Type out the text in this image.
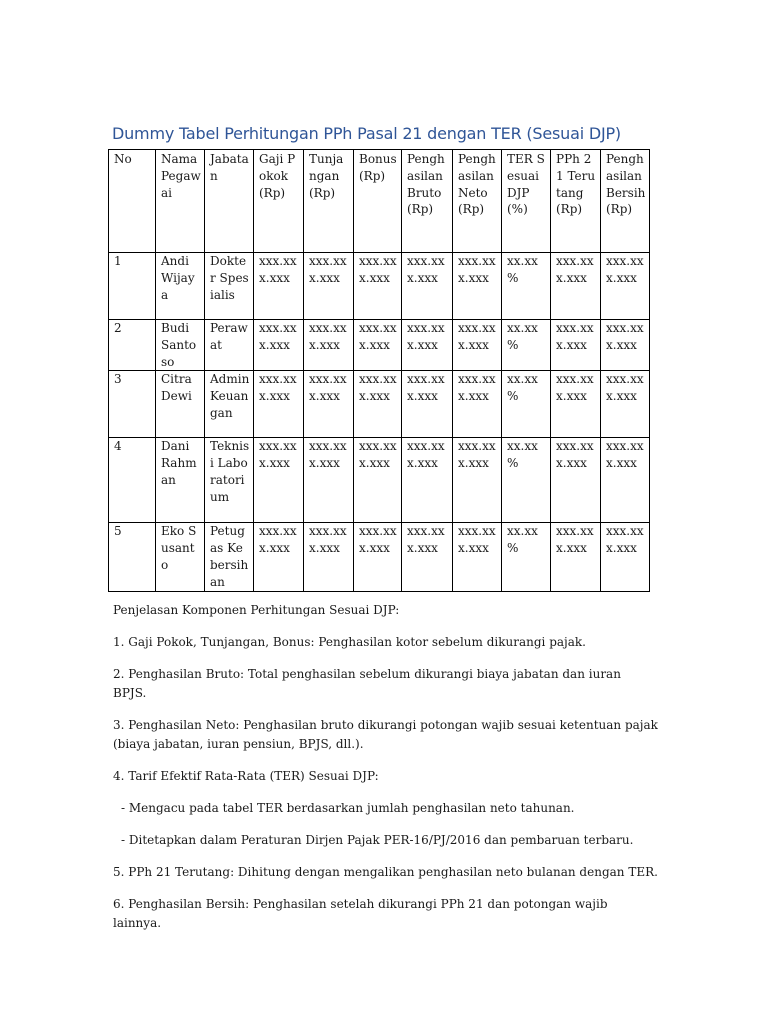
Dummy Tabel Perhitungan PPh Pasal 21 dengan TER (Sesuai DJP)
No	Nama Pegawai	Jabatan	Gaji Pokok (Rp)	Tunjangan (Rp)	Bonus (Rp)	Penghasilan Bruto (Rp)	Penghasilan Neto (Rp)	TER Sesuai DJP (%)	PPh 21 Terutang (Rp)	Penghasilan Bersih (Rp)
1	Andi Wijaya	Dokter Spesialis	xxx.xxx.xxx	xxx.xxx.xxx	xxx.xxx.xxx	xxx.xxx.xxx	xxx.xxx.xxx	xx.xx %	xxx.xxx.xxx	xxx.xxx.xxx
2	Budi Santoso	Perawat	xxx.xxx.xxx	xxx.xxx.xxx	xxx.xxx.xxx	xxx.xxx.xxx	xxx.xxx.xxx	xx.xx %	xxx.xxx.xxx	xxx.xxx.xxx
3	Citra Dewi	Admin Keuangan	xxx.xxx.xxx	xxx.xxx.xxx	xxx.xxx.xxx	xxx.xxx.xxx	xxx.xxx.xxx	xx.xx %	xxx.xxx.xxx	xxx.xxx.xxx
4	Dani Rahman	Teknisi Laboratorium	xxx.xxx.xxx	xxx.xxx.xxx	xxx.xxx.xxx	xxx.xxx.xxx	xxx.xxx.xxx	xx.xx %	xxx.xxx.xxx	xxx.xxx.xxx
5	Eko Susanto	Petugas Kebersihan	xxx.xxx.xxx	xxx.xxx.xxx	xxx.xxx.xxx	xxx.xxx.xxx	xxx.xxx.xxx	xx.xx %	xxx.xxx.xxx	xxx.xxx.xxx

Penjelasan Komponen Perhitungan Sesuai DJP:

1. Gaji Pokok, Tunjangan, Bonus: Penghasilan kotor sebelum dikurangi pajak.

2. Penghasilan Bruto: Total penghasilan sebelum dikurangi biaya jabatan dan iuran BPJS.

3. Penghasilan Neto: Penghasilan bruto dikurangi potongan wajib sesuai ketentuan pajak (biaya jabatan, iuran pensiun, BPJS, dll.).

4. Tarif Efektif Rata-Rata (TER) Sesuai DJP:

- Mengacu pada tabel TER berdasarkan jumlah penghasilan neto tahunan.

- Ditetapkan dalam Peraturan Dirjen Pajak PER-16/PJ/2016 dan pembaruan terbaru.

5. PPh 21 Terutang: Dihitung dengan mengalikan penghasilan neto bulanan dengan TER.

6. Penghasilan Bersih: Penghasilan setelah dikurangi PPh 21 dan potongan wajib lainnya.
